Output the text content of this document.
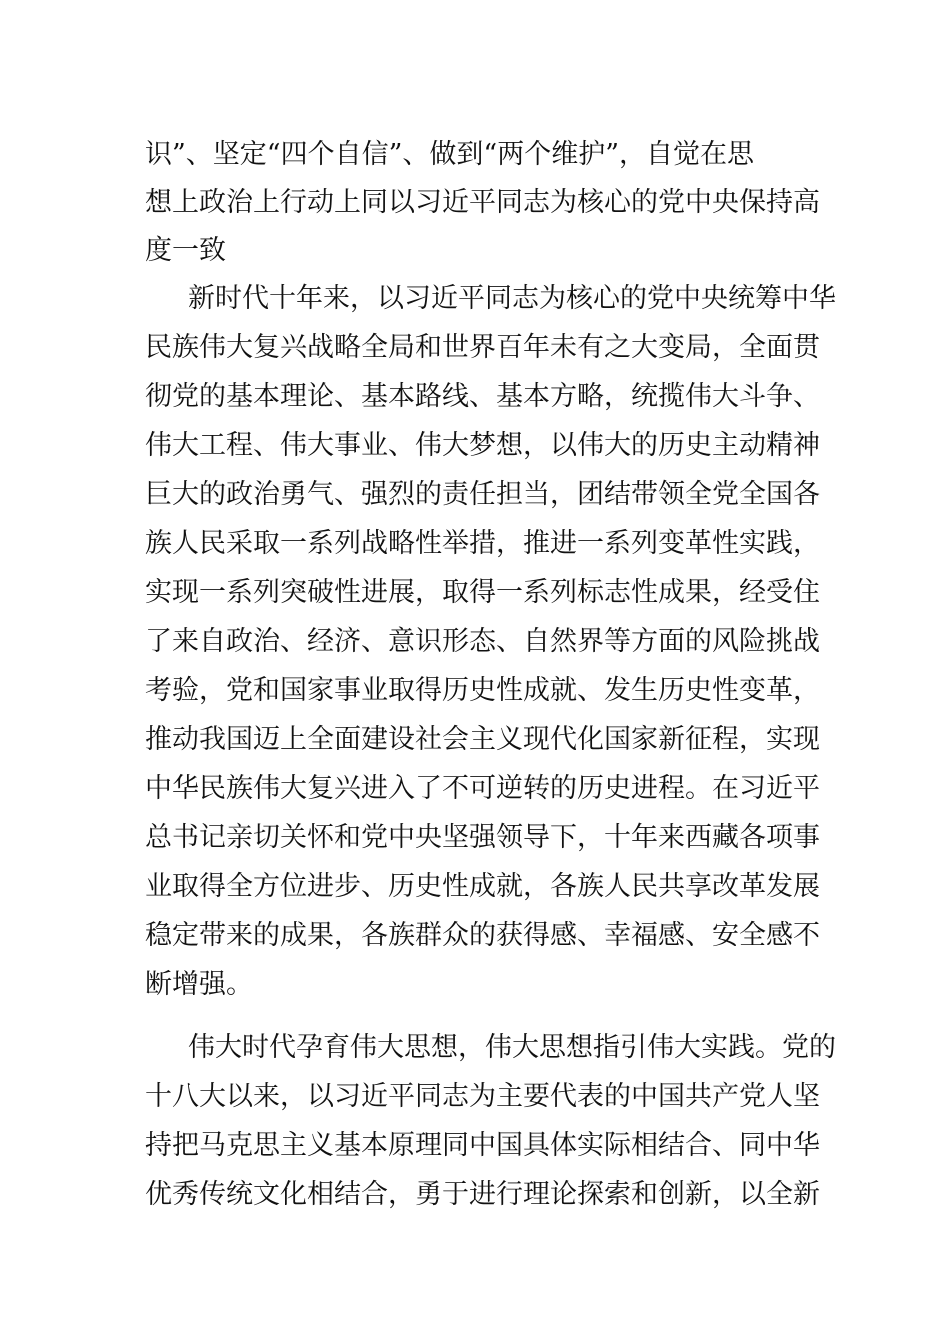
识”、坚定“四个自信”、做到“两个维护”，自觉在思
想上政治上行动上同以习近平同志为核心的党中央保持高
度一致
新时代十年来，以习近平同志为核心的党中央统筹中华
民族伟大复兴战略全局和世界百年未有之大变局，全面贯
彻党的基本理论、基本路线、基本方略，统揽伟大斗争、
伟大工程、伟大事业、伟大梦想，以伟大的历史主动精神
巨大的政治勇气、强烈的责任担当，团结带领全党全国各
族人民采取一系列战略性举措，推进一系列变革性实践，
实现一系列突破性进展，取得一系列标志性成果，经受住
了来自政治、经济、意识形态、自然界等方面的风险挑战
考验，党和国家事业取得历史性成就、发生历史性变革，
推动我国迈上全面建设社会主义现代化国家新征程，实现
中华民族伟大复兴进入了不可逆转的历史进程。在习近平
总书记亲切关怀和党中央坚强领导下，十年来西藏各项事
业取得全方位进步、历史性成就，各族人民共享改革发展
稳定带来的成果，各族群众的获得感、幸福感、安全感不
断增强。
伟大时代孕育伟大思想，伟大思想指引伟大实践。党的
十八大以来，以习近平同志为主要代表的中国共产党人坚
持把马克思主义基本原理同中国具体实际相结合、同中华
优秀传统文化相结合，勇于进行理论探索和创新，以全新
